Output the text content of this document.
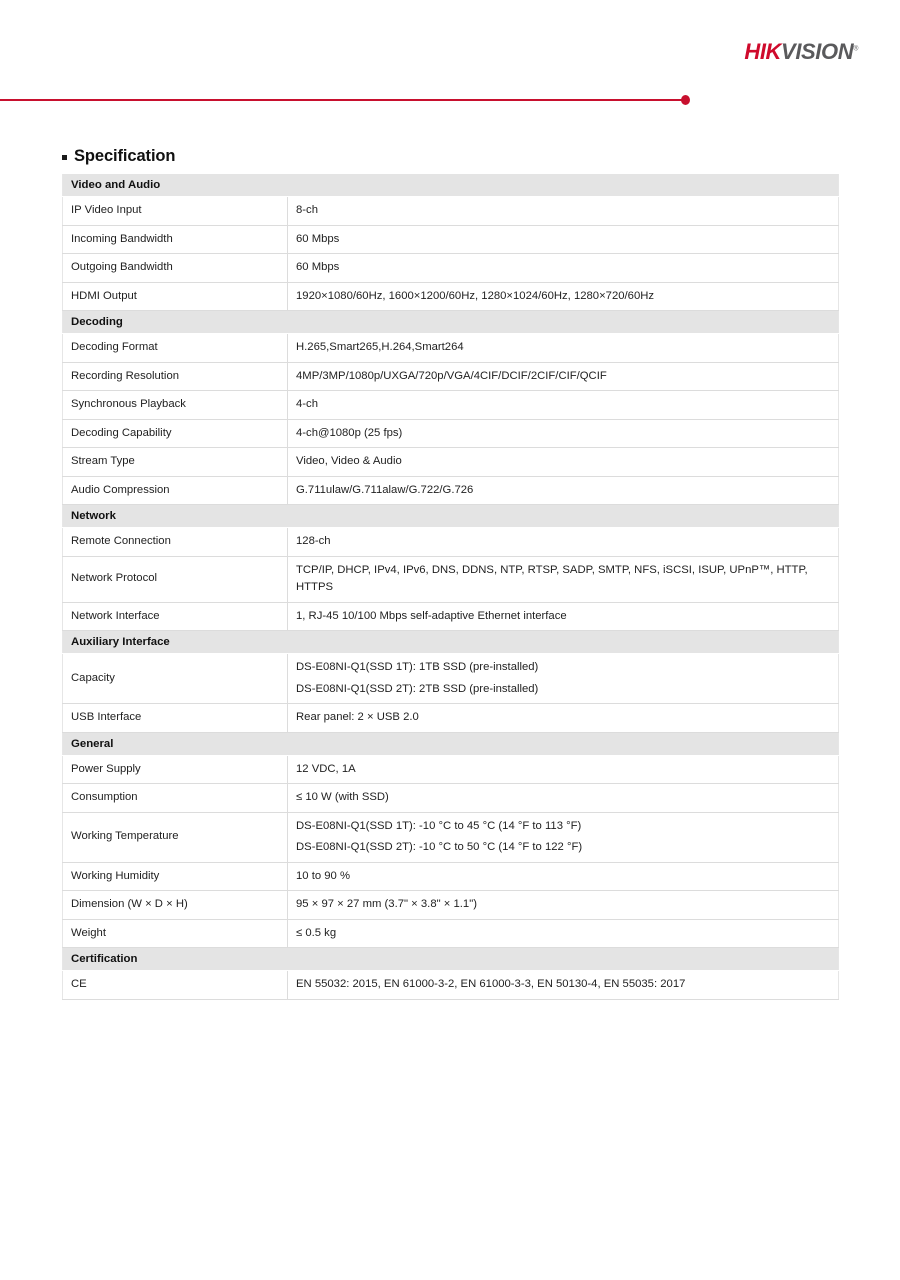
HIKVISION®
Specification
Video and Audio	
IP Video Input	8-ch

Incoming Bandwidth	60 Mbps

Outgoing Bandwidth	60 Mbps

HDMI Output	1920×1080/60Hz, 1600×1200/60Hz, 1280×1024/60Hz, 1280×720/60Hz

Decoding	
Decoding Format	H.265,Smart265,H.264,Smart264

Recording Resolution	4MP/3MP/1080p/UXGA/720p/VGA/4CIF/DCIF/2CIF/CIF/QCIF

Synchronous Playback	4-ch

Decoding Capability	4-ch@1080p (25 fps)

Stream Type	Video, Video & Audio

Audio Compression	G.711ulaw/G.711alaw/G.722/G.726

Network	
Remote Connection	128-ch

Network Protocol	TCP/IP, DHCP, IPv4, IPv6, DNS, DDNS, NTP, RTSP, SADP, SMTP, NFS, iSCSI, ISUP, UPnP™, HTTP, HTTPS

Network Interface	1, RJ-45 10/100 Mbps self-adaptive Ethernet interface

Auxiliary Interface	
Capacity	DS-E08NI-Q1(SSD 1T): 1TB SSD (pre-installed)
DS-E08NI-Q1(SSD 2T): 2TB SSD (pre-installed)

USB Interface	Rear panel: 2 × USB 2.0

General	
Power Supply	12 VDC, 1A

Consumption	≤ 10 W (with SSD)

Working Temperature	DS-E08NI-Q1(SSD 1T): -10 °C to 45 °C (14 °F to 113 °F)
DS-E08NI-Q1(SSD 2T): -10 °C to 50 °C (14 °F to 122 °F)

Working Humidity	10 to 90 %

Dimension (W × D × H)	95 × 97 × 27 mm (3.7" × 3.8" × 1.1")

Weight	≤ 0.5 kg

Certification	
CE	EN 55032: 2015, EN 61000-3-2, EN 61000-3-3, EN 50130-4, EN 55035: 2017
